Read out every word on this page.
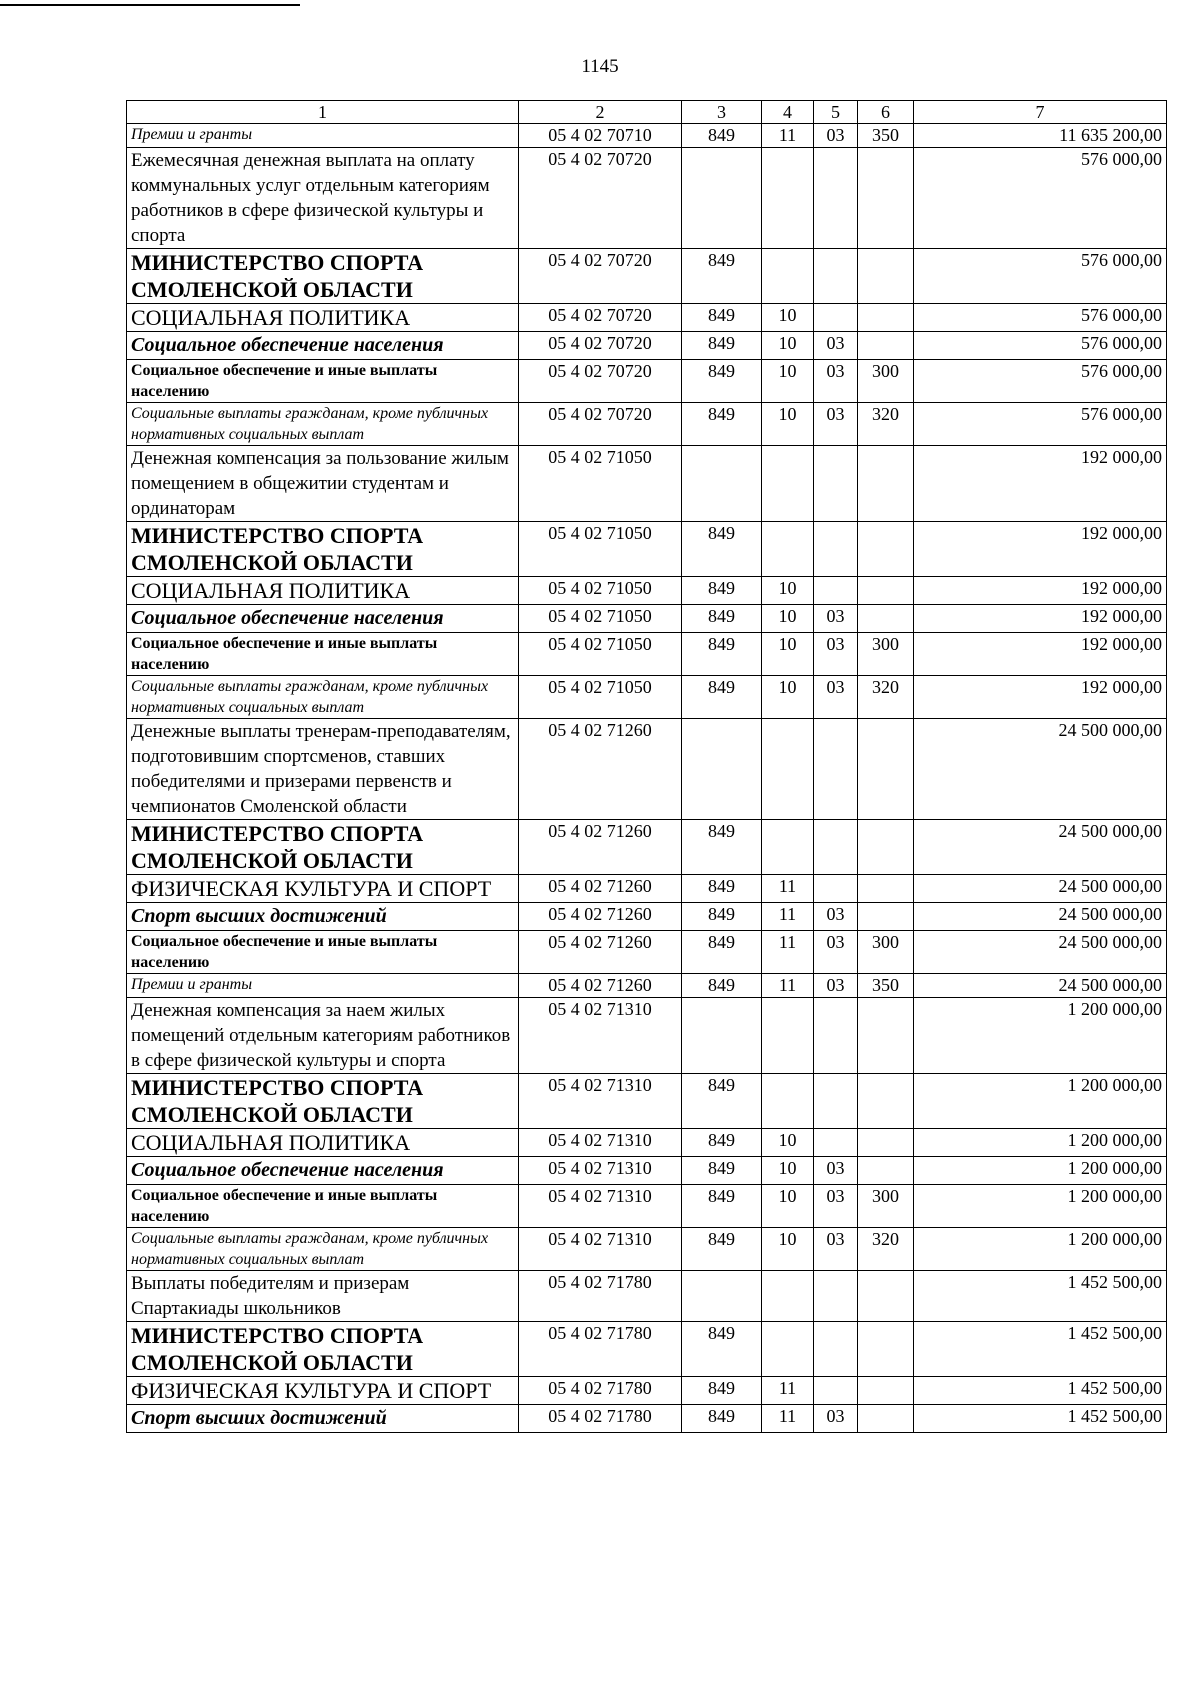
1145
1	2	3	4	5	6	7
Премии и гранты	05 4 02 70710	849	11	03	350	11 635 200,00
Ежемесячная денежная выплата на оплату коммунальных услуг отдельным категориям работников в сфере физической культуры и спорта	05 4 02 70720					576 000,00
МИНИСТЕРСТВО СПОРТА СМОЛЕНСКОЙ ОБЛАСТИ	05 4 02 70720	849				576 000,00
СОЦИАЛЬНАЯ ПОЛИТИКА	05 4 02 70720	849	10			576 000,00
Социальное обеспечение населения	05 4 02 70720	849	10	03		576 000,00
Социальное обеспечение и иные выплаты населению	05 4 02 70720	849	10	03	300	576 000,00
Социальные выплаты гражданам, кроме публичных нормативных социальных выплат	05 4 02 70720	849	10	03	320	576 000,00
Денежная компенсация за пользование жилым помещением в общежитии студентам и ординаторам	05 4 02 71050					192 000,00
МИНИСТЕРСТВО СПОРТА СМОЛЕНСКОЙ ОБЛАСТИ	05 4 02 71050	849				192 000,00
СОЦИАЛЬНАЯ ПОЛИТИКА	05 4 02 71050	849	10			192 000,00
Социальное обеспечение населения	05 4 02 71050	849	10	03		192 000,00
Социальное обеспечение и иные выплаты населению	05 4 02 71050	849	10	03	300	192 000,00
Социальные выплаты гражданам, кроме публичных нормативных социальных выплат	05 4 02 71050	849	10	03	320	192 000,00
Денежные выплаты тренерам-преподавателям, подготовившим спортсменов, ставших победителями и призерами первенств и чемпионатов Смоленской области	05 4 02 71260					24 500 000,00
МИНИСТЕРСТВО СПОРТА СМОЛЕНСКОЙ ОБЛАСТИ	05 4 02 71260	849				24 500 000,00
ФИЗИЧЕСКАЯ КУЛЬТУРА И СПОРТ	05 4 02 71260	849	11			24 500 000,00
Спорт высших достижений	05 4 02 71260	849	11	03		24 500 000,00
Социальное обеспечение и иные выплаты населению	05 4 02 71260	849	11	03	300	24 500 000,00
Премии и гранты	05 4 02 71260	849	11	03	350	24 500 000,00
Денежная компенсация за наем жилых помещений отдельным категориям работников в сфере физической культуры и спорта	05 4 02 71310					1 200 000,00
МИНИСТЕРСТВО СПОРТА СМОЛЕНСКОЙ ОБЛАСТИ	05 4 02 71310	849				1 200 000,00
СОЦИАЛЬНАЯ ПОЛИТИКА	05 4 02 71310	849	10			1 200 000,00
Социальное обеспечение населения	05 4 02 71310	849	10	03		1 200 000,00
Социальное обеспечение и иные выплаты населению	05 4 02 71310	849	10	03	300	1 200 000,00
Социальные выплаты гражданам, кроме публичных нормативных социальных выплат	05 4 02 71310	849	10	03	320	1 200 000,00
Выплаты победителям и призерам Спартакиады школьников	05 4 02 71780					1 452 500,00
МИНИСТЕРСТВО СПОРТА СМОЛЕНСКОЙ ОБЛАСТИ	05 4 02 71780	849				1 452 500,00
ФИЗИЧЕСКАЯ КУЛЬТУРА И СПОРТ	05 4 02 71780	849	11			1 452 500,00
Спорт высших достижений	05 4 02 71780	849	11	03		1 452 500,00
